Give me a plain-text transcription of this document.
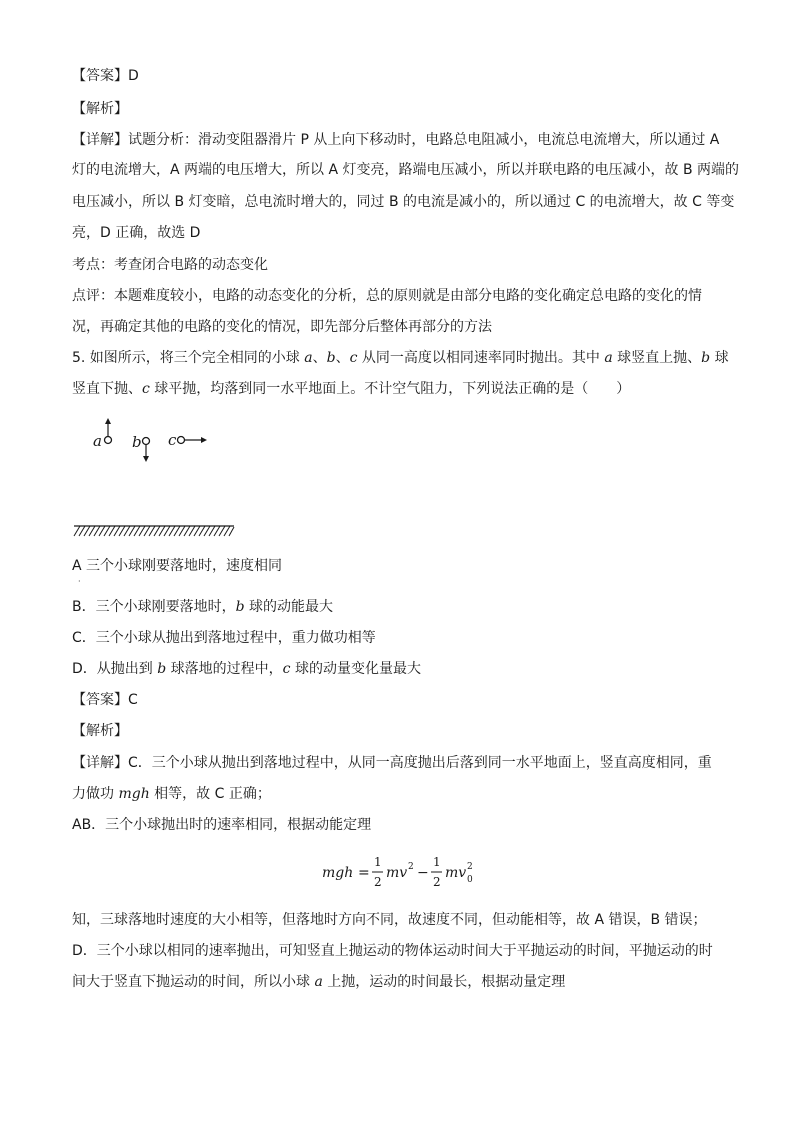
【答案】D
【解析】
【详解】试题分析：滑动变阻器滑片 P 从上向下移动时，电路总电阻减小，电流总电流增大，所以通过 A
灯的电流增大，A 两端的电压增大，所以 A 灯变亮，路端电压减小，所以并联电路的电压减小，故 B 两端的
电压减小，所以 B 灯变暗，总电流时增大的，同过 B 的电流是减小的，所以通过 C 的电流增大，故 C 等变
亮，D 正确，故选 D
考点：考查闭合电路的动态变化
点评：本题难度较小，电路的动态变化的分析，总的原则就是由部分电路的变化确定总电路的变化的情
况，再确定其他的电路的变化的情况，即先部分后整体再部分的方法
5. 如图所示，将三个完全相同的小球 a、b、c 从同一高度以相同速率同时抛出。其中 a 球竖直上抛、b 球
竖直下抛、c 球平抛，均落到同一水平地面上。不计空气阻力，下列说法正确的是（　　）
a b c
A 三个小球刚要落地时，速度相同
·
B．三个小球刚要落地时，b 球的动能最大
C．三个小球从抛出到落地过程中，重力做功相等
D．从抛出到 b 球落地的过程中，c 球的动量变化量最大
【答案】C
【解析】
【详解】C．三个小球从抛出到落地过程中，从同一高度抛出后落到同一水平地面上，竖直高度相同，重
力做功 mgh 相等，故 C 正确；
AB．三个小球抛出时的速率相同，根据动能定理
mgh =
1
2
mv 2 −
1
2
mv 2
0
知，三球落地时速度的大小相等，但落地时方向不同，故速度不同，但动能相等，故 A 错误，B 错误；
D．三个小球以相同的速率抛出，可知竖直上抛运动的物体运动时间大于平抛运动的时间，平抛运动的时
间大于竖直下抛运动的时间，所以小球 a 上抛，运动的时间最长，根据动量定理
